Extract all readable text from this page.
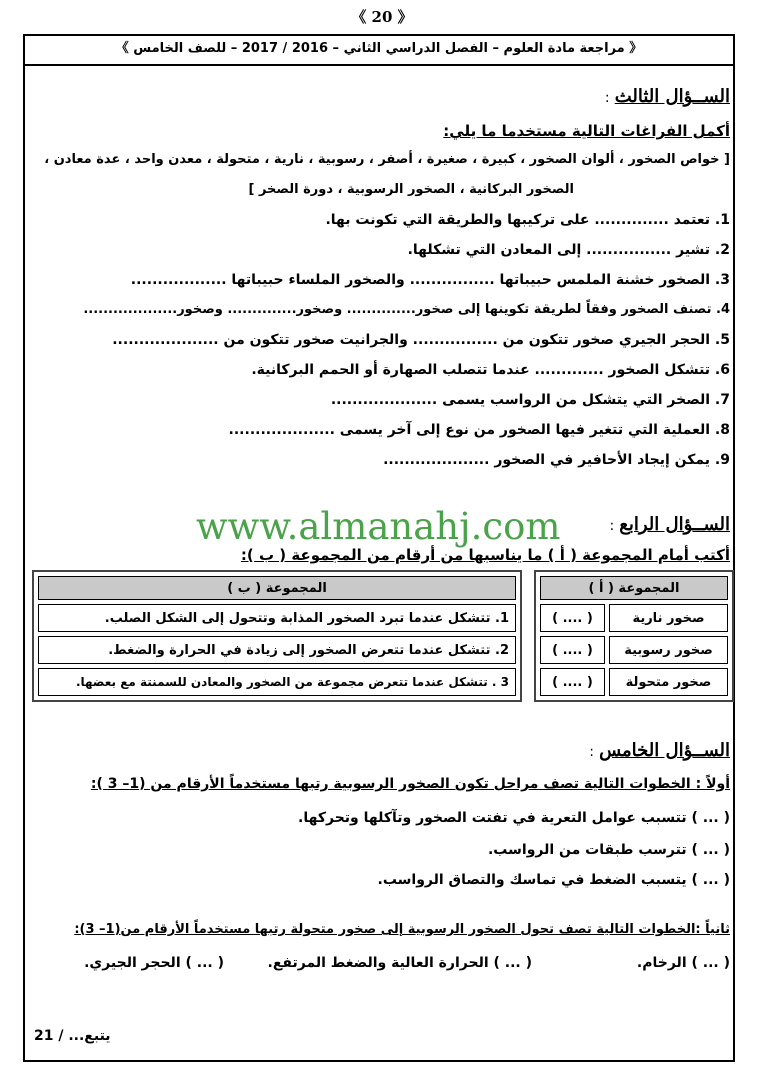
《 20 》
《 مراجعة مادة العلوم – الفصل الدراسي الثاني – 2016 / 2017 – للصف الخامس 》
الســؤال الثالث :
أكمل الفراغات التالية مستخدما ما يلي:
[ خواص الصخور ، ألوان الصخور ، كبيرة ، صغيرة ، أصفر ، رسوبية ، نارية ، متحولة ، معدن واحد ، عدة معادن ،
الصخور البركانية ، الصخور الرسوبية ، دورة الصخر ]
1. تعتمد .............. على تركيبها والطريقة التي تكونت بها.
2. تشير ................ إلى المعادن التي تشكلها.
3. الصخور خشنة الملمس حبيباتها ................ والصخور الملساء حبيباتها ..................
4. تصنف الصخور وفقاً لطريقة تكوينها إلى صخور.............. وصخور.............. وصخور...................
5. الحجر الجيري صخور تتكون من ................ والجرانيت صخور تتكون من ....................
6. تتشكل الصخور ............. عندما تتصلب الصهارة أو الحمم البركانية.
7. الصخر التي يتشكل من الرواسب يسمى ....................
8. العملية التي تتغير فيها الصخور من نوع إلى آخر يسمى ....................
9. يمكن إيجاد الأحافير في الصخور ....................
www.almanahj.com	الســؤال الرابع :
أكتب أمام المجموعة ( أ ) ما يناسبها من أرقام من المجموعة ( ب ):
المجموعة ( أ )	
صخور نارية	( .... )
صخور رسوبية	( .... )
صخور متحولة	( .... )
المجموعة ( ب )
1. تتشكل عندما تبرد الصخور المذابة وتتحول إلى الشكل الصلب.
2. تتشكل عندما تتعرض الصخور إلى زيادة في الحرارة والضغط.
3 . تتشكل عندما تتعرض مجموعة من الصخور والمعادن للسمنتة مع بعضها.
الســؤال الخامس :
أولاً : الخطوات التالية تصف مراحل تكون الصخور الرسوبية رتبها مستخدماً الأرقام من (1– 3 ):
( ... ) تتسبب عوامل التعرية في تفتت الصخور وتآكلها وتحركها.
( ... ) تترسب طبقات من الرواسب.
( ... ) يتسبب الضغط في تماسك والتصاق الرواسب.
ثانياً :الخطوات التالية تصف تحول الصخور الرسوبية إلى صخور متحولة رتبها مستخدماً الأرقام من(1– 3):
( ... ) الرخام.
( ... ) الحرارة العالية والضغط المرتفع.
( ... ) الحجر الجيري.
يتبع... / 21
